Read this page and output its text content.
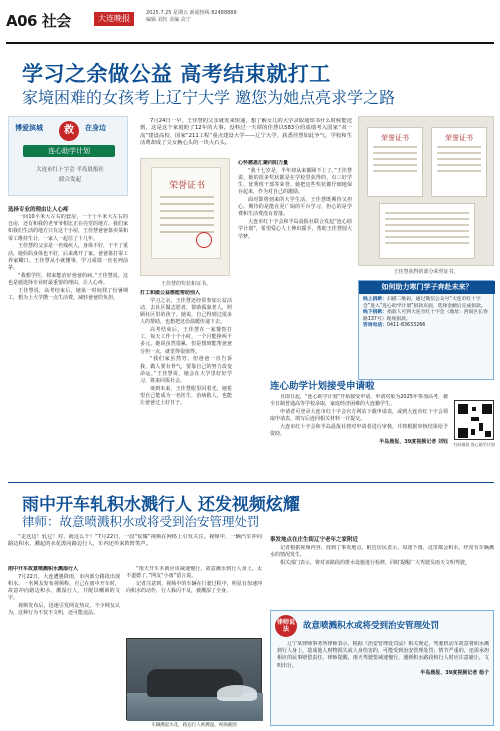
A06 社会	大连晚报
2025.7.25 星期五 新闻热线 82488888
编辑 刘钰 美编 高宁
学习之余做公益 高考结束就打工
家境困难的女孩考上辽宁大学 邀您为她点亮求学之路
博爱滨城	救	在身边
连心助学计划
大连市红十字会 半岛晨报社
联合发起
选择专业的理由让人心疼

7月24日一早，王佳慧的父亲就发来快递，想了解女儿的大学录取通知书什么时候能送到，这是这个家庭盼了12年的大事。没料过一天谭的佳慧以583分的成绩考入国家“双一流”建设高校、国家“211工程”重点建设大学——辽宁大学，获悉佳慧如此争气，学校和生活费却成了父女俩心头的一块大石头。

一间10平米大左右的套房，一个十平米大左右的仓房，还有和我的老爷爷相比正在亮堂的地方。我们家如我们生活的地方只有这个小屋，王佳慧爸爸靠卖菜和零工维持生计，一家人一起住了十几年。

王佳慧的父亲是一名残疾人，身体不好，干不了重活，她妈妈身体也不好，后来离开了家。爸爸靠打零工养家糊口。王佳慧从小就懂事，学习成绩一直名列前茅。

“我想学医，将来能治好爸爸的病。”王佳慧说。这也是她选择专业时最重要的理由，让人心疼。

王佳慧说，高考结束后，她第一时间找了份暑期工，想为上大学攒一点生活费，减轻爸爸的负担。

荣誉证书
王佳慧的奖状和证书。

打工和做公益都能帮助别人

学习之余，王佳慧还经常参加公益活动，去社区做志愿者，帮助孤寡老人，照顾社区里的孩子。她说，自己得到过很多人的帮助，也想把这份温暖传递下去。

高考结束后，王佳慧在一家餐馆打工，每天工作十个小时，一个月能挣两千多元。她说虽然很累，但是想到能帮爸爸分担一点，就觉得很值得。

“我们家虽然穷，但爸爸一直告诉我，做人要有骨气，要靠自己的努力改变命运。”王佳慧说，她会在大学里好好学习，将来回报社会。

谈到未来，王佳慧眼里闪着光，她希望自己能成为一名医生，治病救人，也能让爸爸过上好日子。

心怀感恩汇聚向阳力量

“我十七岁是，半年却从来都顾不上了。”王佳慧说，她的很多奖状都是在学校里获得的，有三好学生、优秀班干部等荣誉。她把这些奖状都仔细地保存起来，作为对自己的激励。

面对即将到来的大学生活，王佳慧既期待又担心。期待的是能在更广阔的平台学习，担心的是学费和生活费没有着落。

大连市红十字会和半岛晨报社联合发起“连心助学计划”，希望爱心人士伸出援手，帮助王佳慧圆大学梦。

荣誉证书	荣誉证书
王佳慧获得的部分荣誉证书。
如何助力寒门学子奔赴未来？
线上捐款：扫描二维码，通过微信公众号“大连市红十字会”进入“连心助学计划”捐款页面，选择金额后完成捐款。
线下捐款：捐款人可到大连市红十字会（地址：西岗区长春路137号）现场捐款。
咨询电话：0411-83633266
连心助学计划接受申请啦

自即日起，“连心助学计划”开始接受申请。申请对象为2025年参加高考，被全日制普通高等学校录取，家庭经济困难的大连籍学生。

申请者可登录大连市红十字会官方网站下载申请表，或到大连市红十字会领取申请表，填写后连同相关材料一并提交。

大连市红十字会和半岛晨报社将对申请者进行审核，并将根据审核结果给予资助。

半岛晨报、39度视频记者 刘钰	扫码捐款 连心助学计划
雨中开车轧积水溅行人 还发视频炫耀
律师：故意喷溅积水或将受到治安管理处罚

“走这边！轧它！对，就这么干！”7月22日，一段“炫耀”视频在网络上引发关注。视频中，一辆汽车冲向路边积水，溅起的水花泼向路边行人，车内还传来阵阵笑声。

雨中开车故意喷溅积水溅湿行人

7月22日，大连遭遇降雨，市内部分路段出现积水。一名网友发布视频称，自己在雨中开车时，故意冲向路边积水，溅湿行人，并配以嘲讽的文字。

视频发布后，迅速引发网友热议。不少网友认为，这种行为不仅不文明，还可能违法。

“雨天开车本就应该减速慢行，故意溅水到行人身上，太不道德了。”网友“小雨”留言说。

记者注意到，视频中的车辆在行驶过程中，明显有加速冲向积水的动作，行人躲闪不及，被溅湿了全身。

车辆溅起水花，路边行人被溅湿。视频截图
事发地点在庄生街辽宁老年之家附近

记者根据视频内容，找到了事发地点。附近居民表示，每逢下雨，这里都会积水，经常有车辆溅水的情况发生。

相关部门表示，将对该路段的排水设施进行检修，同时提醒广大驾驶员雨天文明驾驶。

律师说法	故意喷溅积水或将受到治安管理处罚

辽宁某律师事务所律师表示，根据《治安管理处罚法》相关规定，驾驶机动车故意将积水溅到行人身上，造成他人财物损失或人身伤害的，可能受到治安管理处罚；情节严重的，还需承担相应的民事赔偿责任。律师提醒，雨天驾驶要减速慢行，遇到积水路段和行人时应注意避让，文明出行。

半岛晨报、39度视频记者 杨子
